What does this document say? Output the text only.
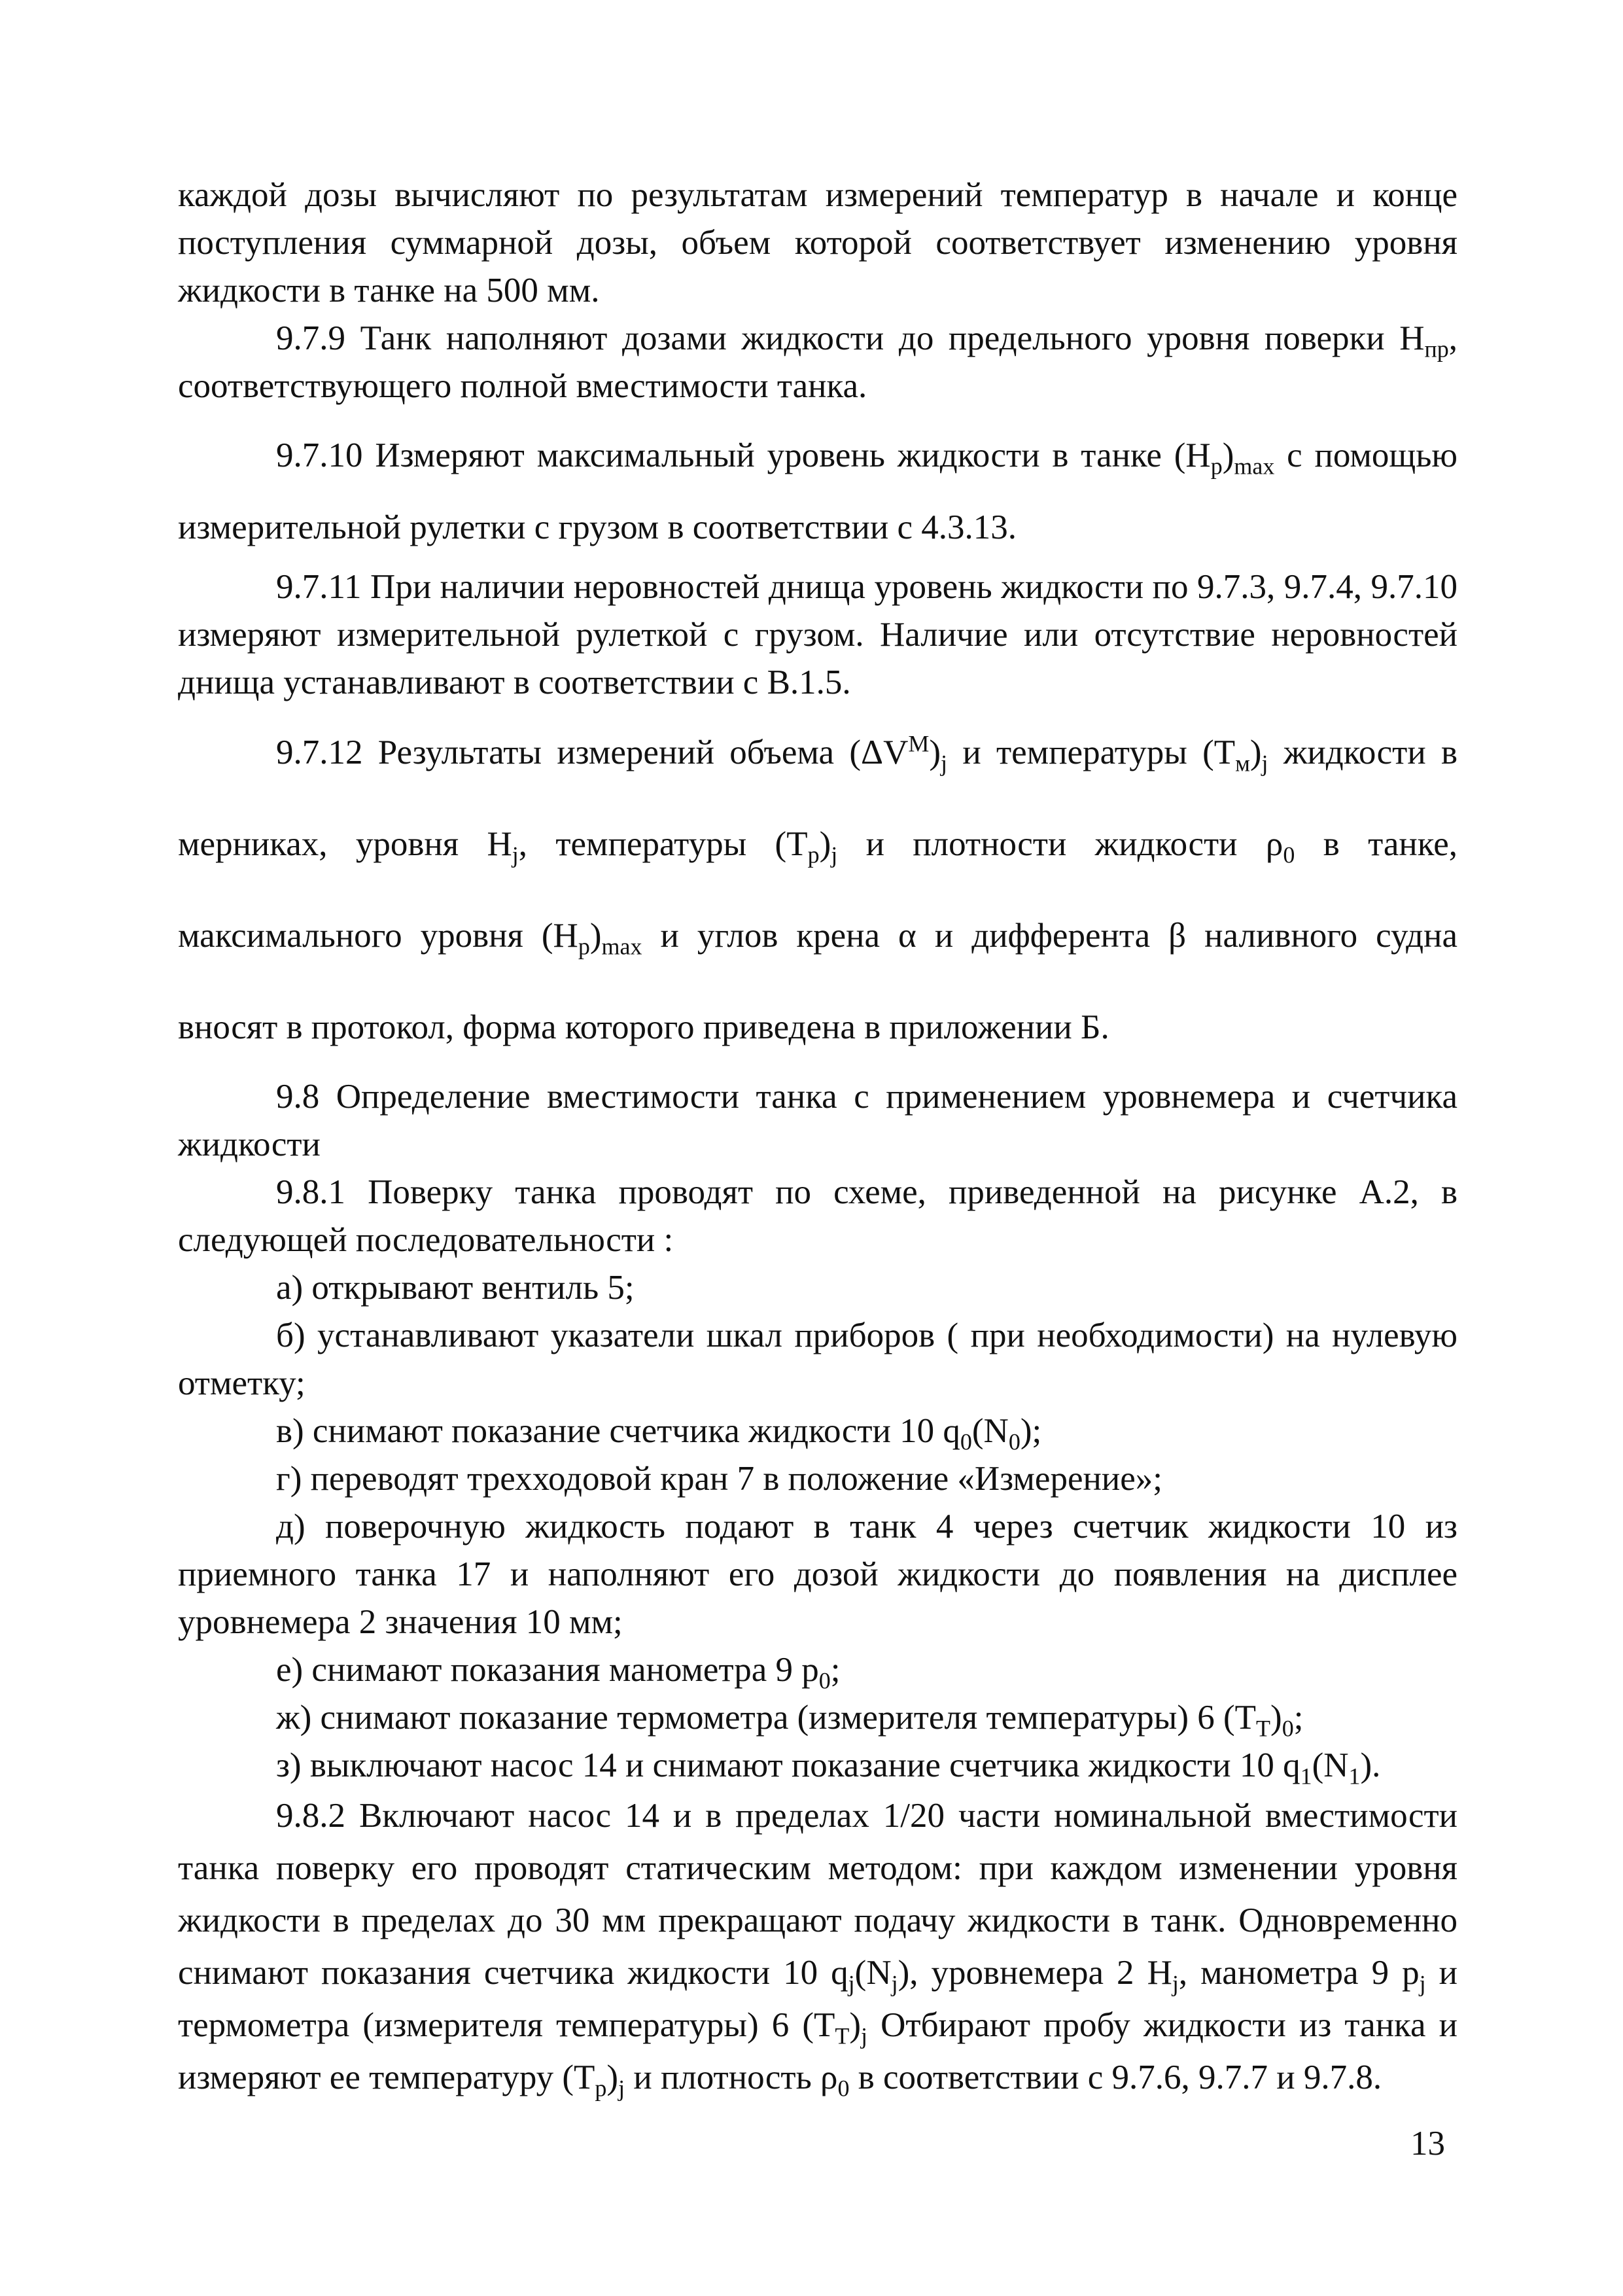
каждой дозы вычисляют по результатам измерений температур в начале и конце поступления суммарной дозы, объем которой соответствует изменению уровня жидкости в танке на 500 мм.

9.7.9 Танк наполняют дозами жидкости до предельного уровня поверки $H_{пр}$, соответствующего полной вместимости танка.

9.7.10 Измеряют максимальный уровень жидкости в танке $(H_p)_{max}$ с помощью измерительной рулетки с грузом в соответствии с 4.3.13.

9.7.11 При наличии неровностей днища уровень жидкости по 9.7.3, 9.7.4, 9.7.10 измеряют измерительной рулеткой с грузом. Наличие или отсутствие неровностей днища устанавливают в соответствии с В.1.5.

9.7.12 Результаты измерений объема $(\Delta V^М)_j$ и температуры $(T_м)_j$ жидкости в мерниках, уровня $H_j$, температуры $(T_p)_j$ и плотности жидкости $\rho_0$ в танке, максимального уровня $(H_p)_{max}$ и углов крена α и дифферента β наливного судна вносят в протокол, форма которого приведена в приложении Б.

9.8 Определение вместимости танка с применением уровнемера и счетчика жидкости

9.8.1 Поверку танка проводят по схеме, приведенной на рисунке А.2, в следующей последовательности :

а) открывают вентиль 5;

б) устанавливают указатели шкал приборов ( при необходимости) на нулевую отметку;

в) снимают показание счетчика жидкости 10 $q_0(N_0)$;

г) переводят трехходовой кран 7 в положение «Измерение»;

д) поверочную жидкость подают в танк 4 через счетчик жидкости 10 из приемного танка 17 и наполняют его дозой жидкости до появления на дисплее уровнемера 2 значения 10 мм;

е) снимают показания манометра 9 $p_0$;

ж) снимают показание термометра (измерителя температуры) 6 $(T_Т)_0$;

з) выключают насос 14 и снимают показание счетчика жидкости 10 $q_1(N_1)$.

9.8.2 Включают насос 14 и в пределах 1/20 части номинальной вместимости танка поверку его проводят статическим методом: при каждом изменении уровня жидкости в пределах до 30 мм прекращают подачу жидкости в танк. Одновременно снимают показания счетчика жидкости 10 $q_j(N_j)$, уровнемера 2 $H_j$, манометра 9 $p_j$ и термометра (измерителя температуры) 6 $(T_Т)_j$ Отбирают пробу жидкости из танка и измеряют ее температуру $(T_p)_j$ и плотность $\rho_0$ в соответствии с 9.7.6, 9.7.7 и 9.7.8.

13
